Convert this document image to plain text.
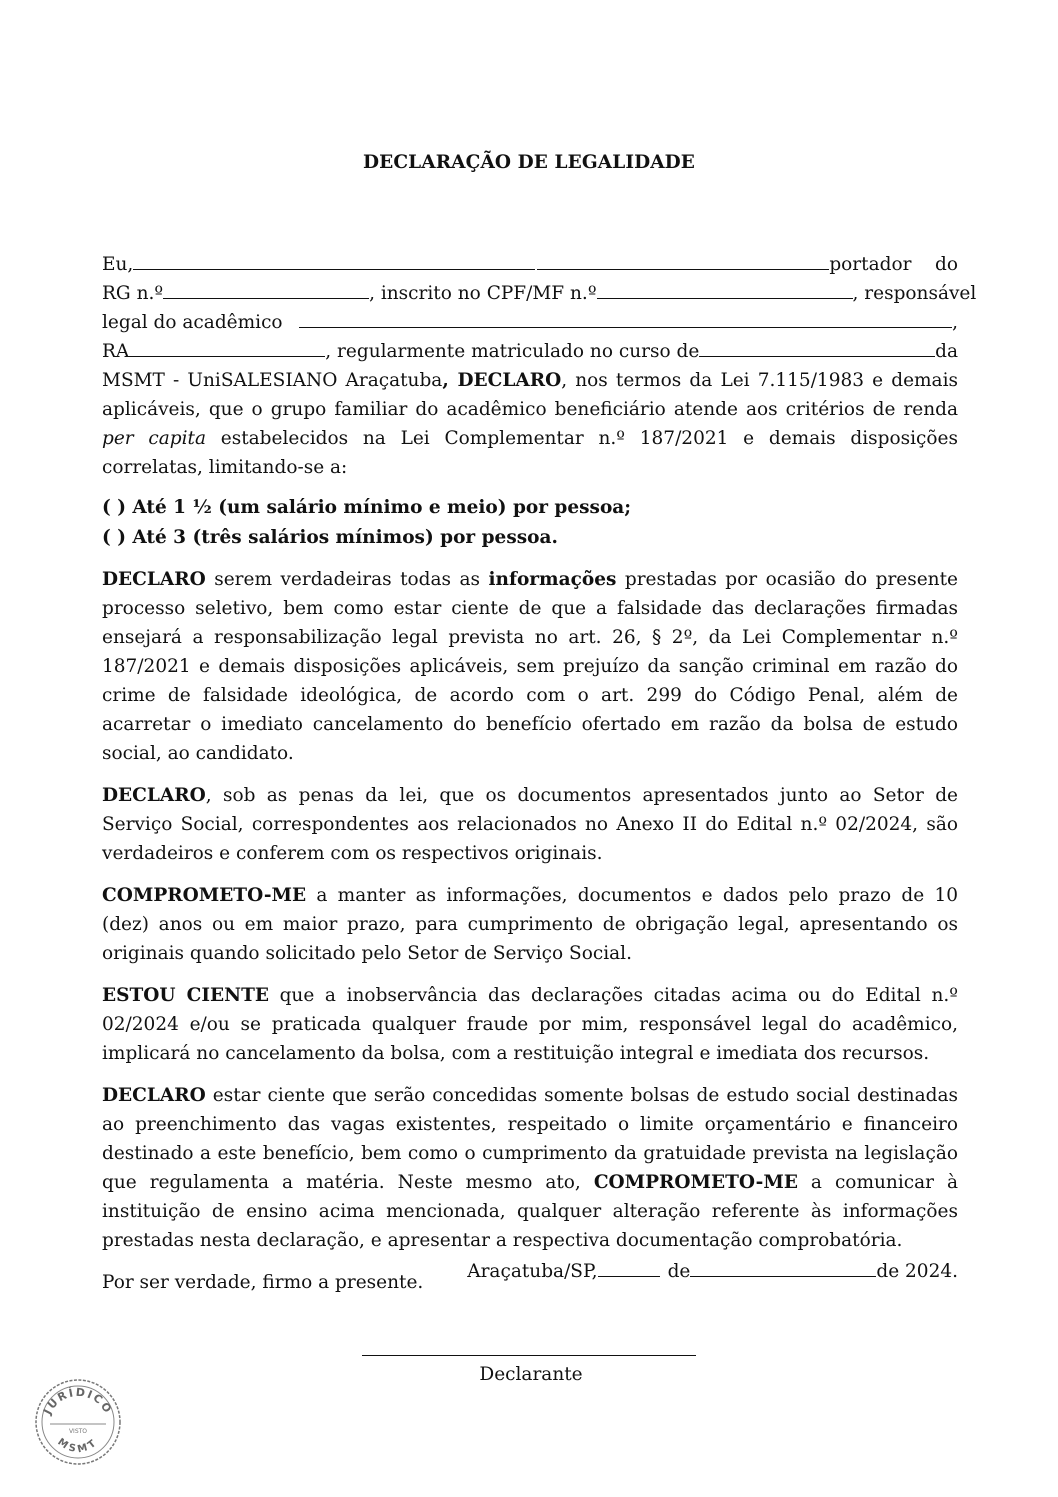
DECLARAÇÃO DE LEGALIDADE
Eu,	portador do
RG n.º	, inscrito no CPF/MF n.º	, responsável
legal do acadêmico	,
RA	, regularmente matriculado no curso de	da

MSMT - UniSALESIANO Araçatuba, DECLARO, nos termos da Lei 7.115/1983 e demais aplicáveis, que o grupo familiar do acadêmico beneficiário atende aos critérios de renda per capita estabelecidos na Lei Complementar n.º 187/2021 e demais disposições correlatas, limitando-se a:

( ) Até 1 ½ (um salário mínimo e meio) por pessoa;

( ) Até 3 (três salários mínimos) por pessoa.

DECLARO serem verdadeiras todas as informações prestadas por ocasião do presente processo seletivo, bem como estar ciente de que a falsidade das declarações firmadas ensejará a responsabilização legal prevista no art. 26, § 2º, da Lei Complementar n.º 187/2021 e demais disposições aplicáveis, sem prejuízo da sanção criminal em razão do crime de falsidade ideológica, de acordo com o art. 299 do Código Penal, além de acarretar o imediato cancelamento do benefício ofertado em razão da bolsa de estudo social, ao candidato.

DECLARO, sob as penas da lei, que os documentos apresentados junto ao Setor de Serviço Social, correspondentes aos relacionados no Anexo II do Edital n.º 02/2024, são verdadeiros e conferem com os respectivos originais.

COMPROMETO-ME a manter as informações, documentos e dados pelo prazo de 10 (dez) anos ou em maior prazo, para cumprimento de obrigação legal, apresentando os originais quando solicitado pelo Setor de Serviço Social.

ESTOU CIENTE que a inobservância das declarações citadas acima ou do Edital n.º 02/2024 e/ou se praticada qualquer fraude por mim, responsável legal do acadêmico, implicará no cancelamento da bolsa, com a restituição integral e imediata dos recursos.

DECLARO estar ciente que serão concedidas somente bolsas de estudo social destinadas ao preenchimento das vagas existentes, respeitado o limite orçamentário e financeiro destinado a este benefício, bem como o cumprimento da gratuidade prevista na legislação que regulamenta a matéria. Neste mesmo ato, COMPROMETO-ME a comunicar à instituição de ensino acima mencionada, qualquer alteração referente às informações prestadas nesta declaração, e apresentar a respectiva documentação comprobatória.

Por ser verdade, firmo a presente.

Araçatuba/SP,	de	de 2024.
Declarante
JURÍDICO
VISTO
MSMT
